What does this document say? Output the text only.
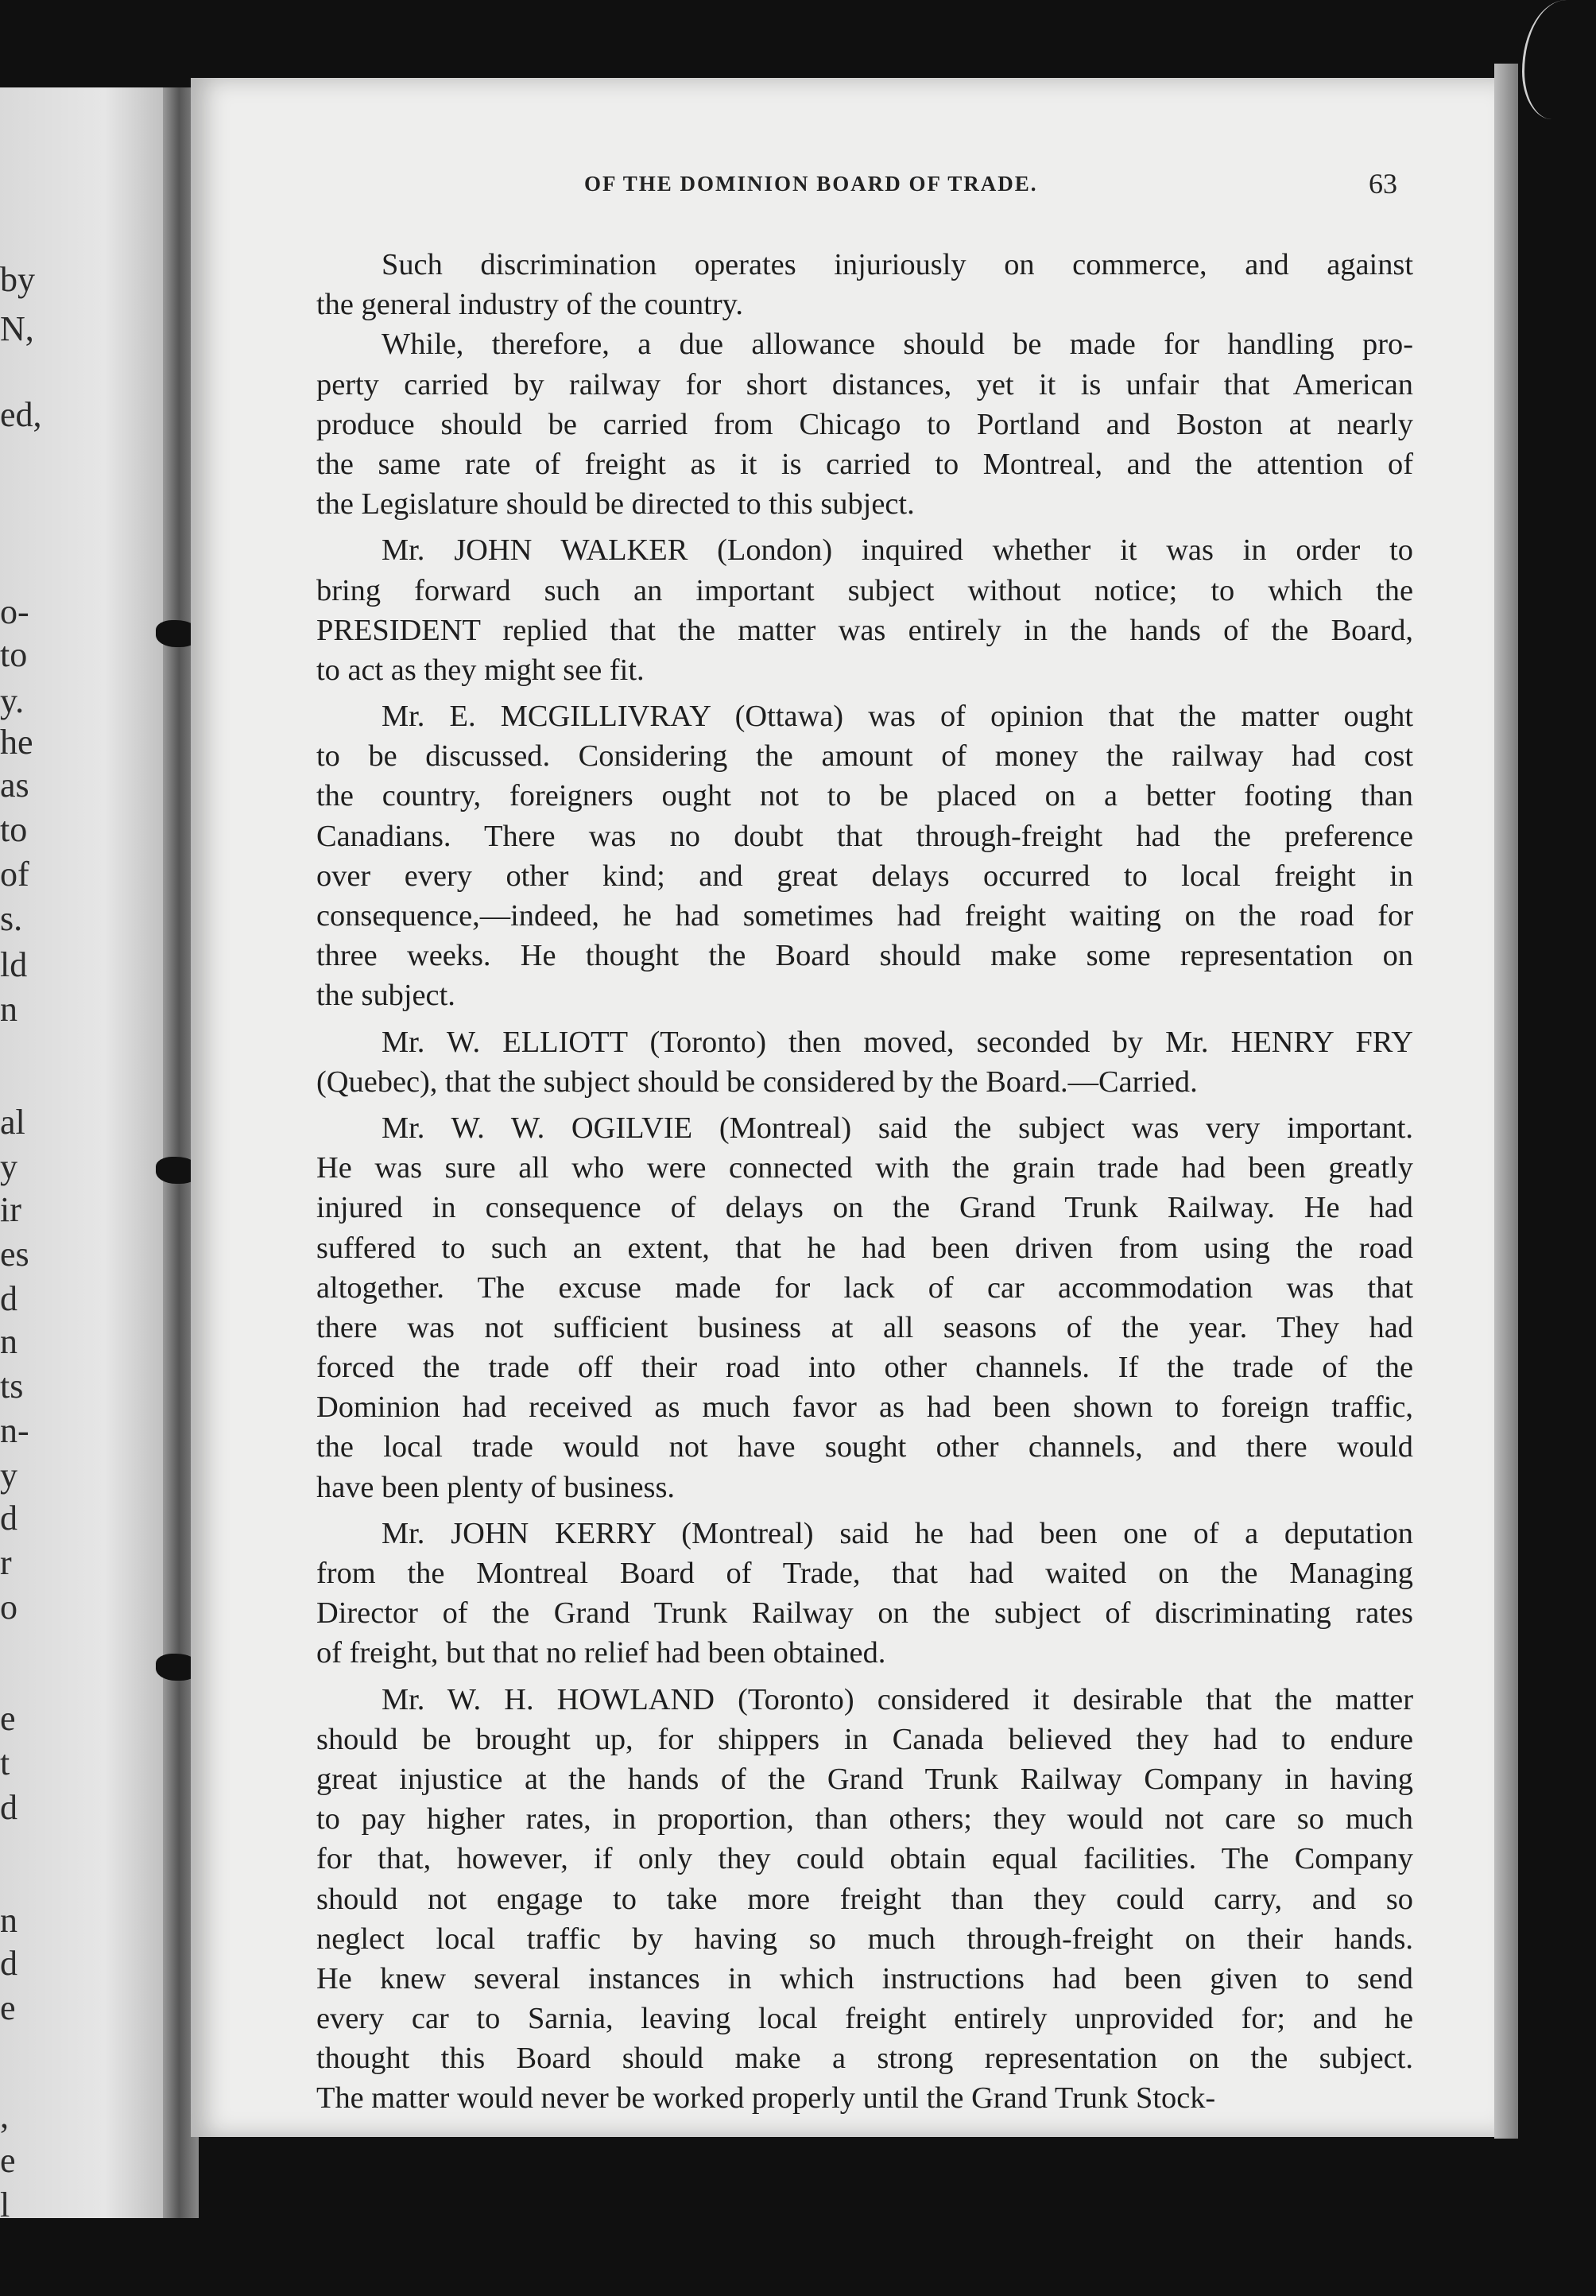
by
N,
ed,
o-
to
y.
he
as
to
of
s.
ld
n
al
y
ir
es
d
n
ts
n-
y
d
r
o
e
t
d
n
d
e
,
e
l
OF THE DOMINION BOARD OF TRADE.	63

Such discrimination operates injuriously on commerce, and against
the general industry of the country.

While, therefore, a due allowance should be made for handling pro-
perty carried by railway for short distances, yet it is unfair that American
produce should be carried from Chicago to Portland and Boston at nearly
the same rate of freight as it is carried to Montreal, and the attention of
the Legislature should be directed to this subject.

Mr. JOHN WALKER (London) inquired whether it was in order to
bring forward such an important subject without notice; to which the
PRESIDENT replied that the matter was entirely in the hands of the Board,
to act as they might see fit.

Mr. E. MCGILLIVRAY (Ottawa) was of opinion that the matter ought
to be discussed. Considering the amount of money the railway had cost
the country, foreigners ought not to be placed on a better footing than
Canadians. There was no doubt that through-freight had the preference
over every other kind; and great delays occurred to local freight in
consequence,—indeed, he had sometimes had freight waiting on the road for
three weeks. He thought the Board should make some representation on
the subject.

Mr. W. ELLIOTT (Toronto) then moved, seconded by Mr. HENRY FRY
(Quebec), that the subject should be considered by the Board.—Carried.

Mr. W. W. OGILVIE (Montreal) said the subject was very important.
He was sure all who were connected with the grain trade had been greatly
injured in consequence of delays on the Grand Trunk Railway. He had
suffered to such an extent, that he had been driven from using the road
altogether. The excuse made for lack of car accommodation was that
there was not sufficient business at all seasons of the year. They had
forced the trade off their road into other channels. If the trade of the
Dominion had received as much favor as had been shown to foreign traffic,
the local trade would not have sought other channels, and there would
have been plenty of business.

Mr. JOHN KERRY (Montreal) said he had been one of a deputation
from the Montreal Board of Trade, that had waited on the Managing
Director of the Grand Trunk Railway on the subject of discriminating rates
of freight, but that no relief had been obtained.

Mr. W. H. HOWLAND (Toronto) considered it desirable that the matter
should be brought up, for shippers in Canada believed they had to endure
great injustice at the hands of the Grand Trunk Railway Company in having
to pay higher rates, in proportion, than others; they would not care so much
for that, however, if only they could obtain equal facilities. The Company
should not engage to take more freight than they could carry, and so
neglect local traffic by having so much through-freight on their hands.
He knew several instances in which instructions had been given to send
every car to Sarnia, leaving local freight entirely unprovided for; and he
thought this Board should make a strong representation on the subject.
The matter would never be worked properly until the Grand Trunk Stock-
